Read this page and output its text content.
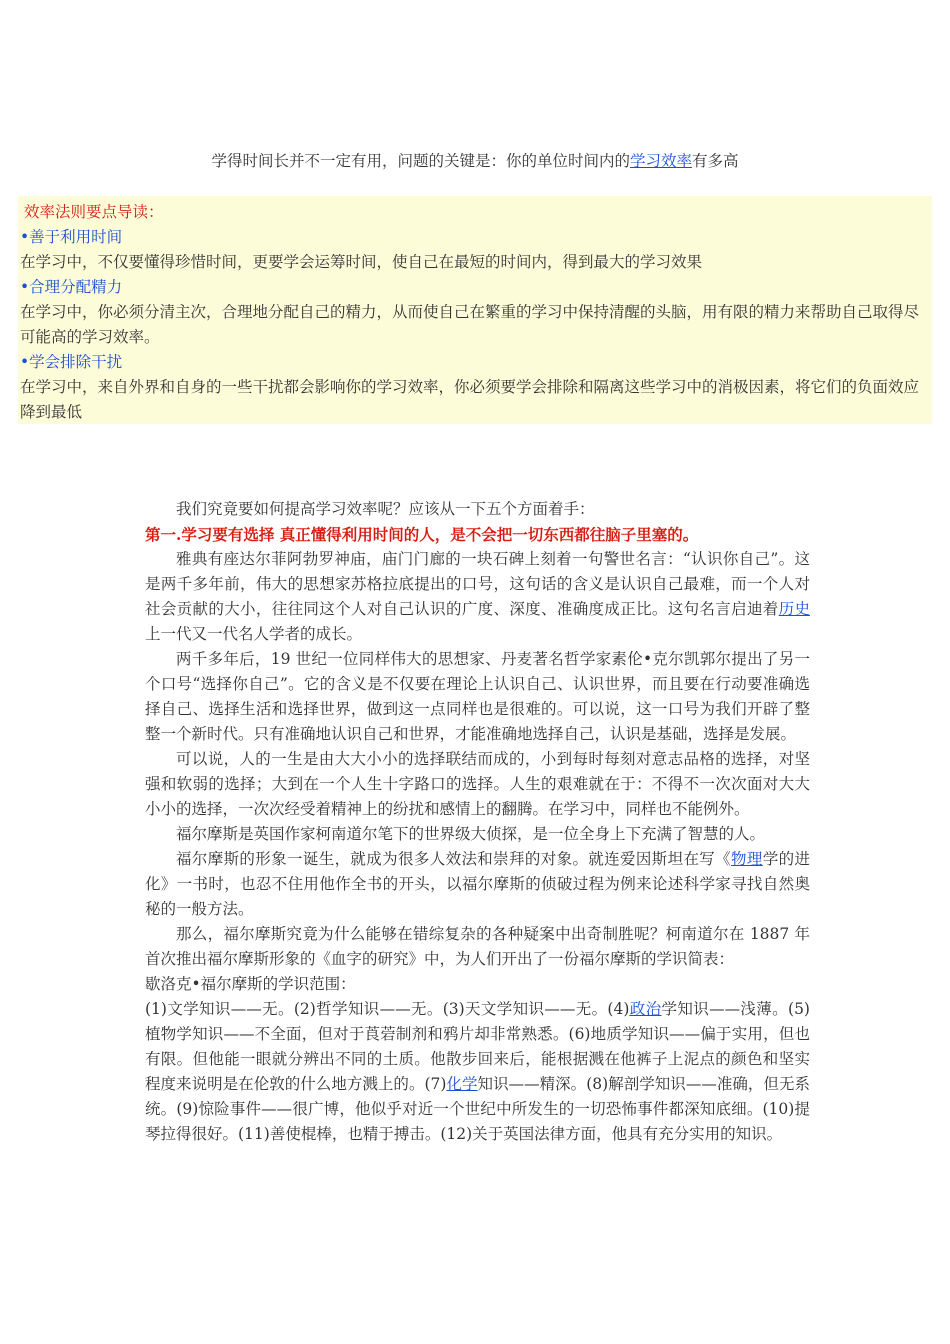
学得时间长并不一定有用，问题的关键是：你的单位时间内的学习效率有多高

效率法则要点导读：

•善于利用时间

在学习中，不仅要懂得珍惜时间，更要学会运筹时间，使自己在最短的时间内，得到最大的学习效果

•合理分配精力

在学习中，你必须分清主次，合理地分配自己的精力，从而使自己在繁重的学习中保持清醒的头脑，用有限的精力来帮助自己取得尽可能高的学习效率。

•学会排除干扰

在学习中，来自外界和自身的一些干扰都会影响你的学习效率，你必须要学会排除和隔离这些学习中的消极因素，将它们的负面效应降到最低

我们究竟要如何提高学习效率呢？应该从一下五个方面着手：

第一.学习要有选择 真正懂得利用时间的人，是不会把一切东西都往脑子里塞的。

雅典有座达尔菲阿勃罗神庙，庙门门廊的一块石碑上刻着一句警世名言：“认识你自己”。这是两千多年前，伟大的思想家苏格拉底提出的口号，这句话的含义是认识自己最难，而一个人对社会贡献的大小，往往同这个人对自己认识的广度、深度、准确度成正比。这句名言启迪着历史上一代又一代名人学者的成长。

两千多年后，19 世纪一位同样伟大的思想家、丹麦著名哲学家素伦•克尔凯郭尔提出了另一个口号“选择你自己”。它的含义是不仅要在理论上认识自己、认识世界，而且要在行动要准确选择自己、选择生活和选择世界，做到这一点同样也是很难的。可以说，这一口号为我们开辟了整整一个新时代。只有准确地认识自己和世界，才能准确地选择自己，认识是基础，选择是发展。

可以说，人的一生是由大大小小的选择联结而成的，小到每时每刻对意志品格的选择，对坚强和软弱的选择；大到在一个人生十字路口的选择。人生的艰难就在于：不得不一次次面对大大小小的选择，一次次经受着精神上的纷扰和感情上的翻腾。在学习中，同样也不能例外。

福尔摩斯是英国作家柯南道尔笔下的世界级大侦探，是一位全身上下充满了智慧的人。

福尔摩斯的形象一诞生，就成为很多人效法和崇拜的对象。就连爱因斯坦在写《物理学的进化》一书时，也忍不住用他作全书的开头，以福尔摩斯的侦破过程为例来论述科学家寻找自然奥秘的一般方法。

那么，福尔摩斯究竟为什么能够在错综复杂的各种疑案中出奇制胜呢？柯南道尔在 1887 年首次推出福尔摩斯形象的《血字的研究》中，为人们开出了一份福尔摩斯的学识简表：

歇洛克•福尔摩斯的学识范围：

(1)文学知识——无。(2)哲学知识——无。(3)天文学知识——无。(4)政治学知识——浅薄。(5)植物学知识——不全面，但对于莨菪制剂和鸦片却非常熟悉。(6)地质学知识——偏于实用，但也有限。但他能一眼就分辨出不同的土质。他散步回来后，能根据溅在他裤子上泥点的颜色和坚实程度来说明是在伦敦的什么地方溅上的。(7)化学知识——精深。(8)解剖学知识——准确，但无系统。(9)惊险事件——很广博，他似乎对近一个世纪中所发生的一切恐怖事件都深知底细。(10)提琴拉得很好。(11)善使棍棒，也精于搏击。(12)关于英国法律方面，他具有充分实用的知识。
